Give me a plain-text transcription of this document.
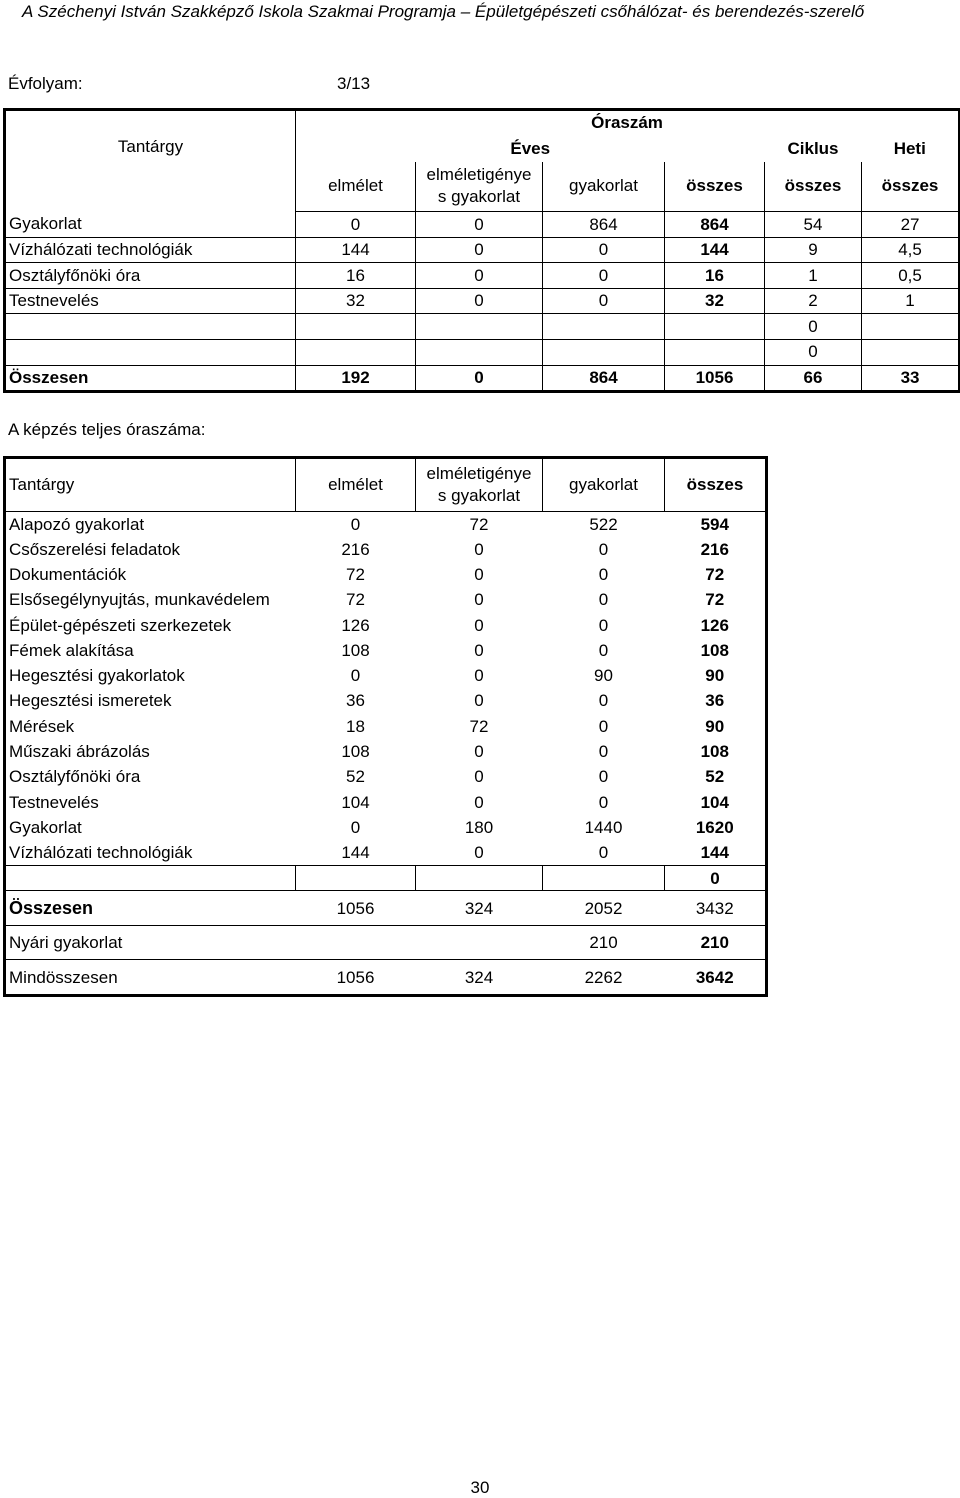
A Széchenyi István Szakképző Iskola Szakmai Programja – Épületgépészeti csőhálózat- és berendezés-szerelő
Évfolyam:	3/13
Tantárgy	Óraszám					
	Éves				Ciklus	Heti
	elmélet	elméletigénye
s gyakorlat	gyakorlat	összes	összes	összes
Gyakorlat	0	0	864	864	54	27
Vízhálózati technológiák	144	0	0	144	9	4,5
Osztályfőnöki óra	16	0	0	16	1	0,5
Testnevelés	32	0	0	32	2	1
					0	
					0	
Összesen	192	0	864	1056	66	33
A képzés teljes óraszáma:
Tantárgy	elmélet	elméletigénye
s gyakorlat	gyakorlat	összes
Alapozó gyakorlat	0	72	522	594
Csőszerelési feladatok	216	0	0	216
Dokumentációk	72	0	0	72
Elsősegélynyujtás, munkavédelem	72	0	0	72
Épület-gépészeti szerkezetek	126	0	0	126
Fémek alakítása	108	0	0	108
Hegesztési gyakorlatok	0	0	90	90
Hegesztési ismeretek	36	0	0	36
Mérések	18	72	0	90
Műszaki ábrázolás	108	0	0	108
Osztályfőnöki óra	52	0	0	52
Testnevelés	104	0	0	104
Gyakorlat	0	180	1440	1620
Vízhálózati technológiák	144	0	0	144
				0
Összesen	1056	324	2052	3432
Nyári gyakorlat			210	210
Mindösszesen	1056	324	2262	3642
30
